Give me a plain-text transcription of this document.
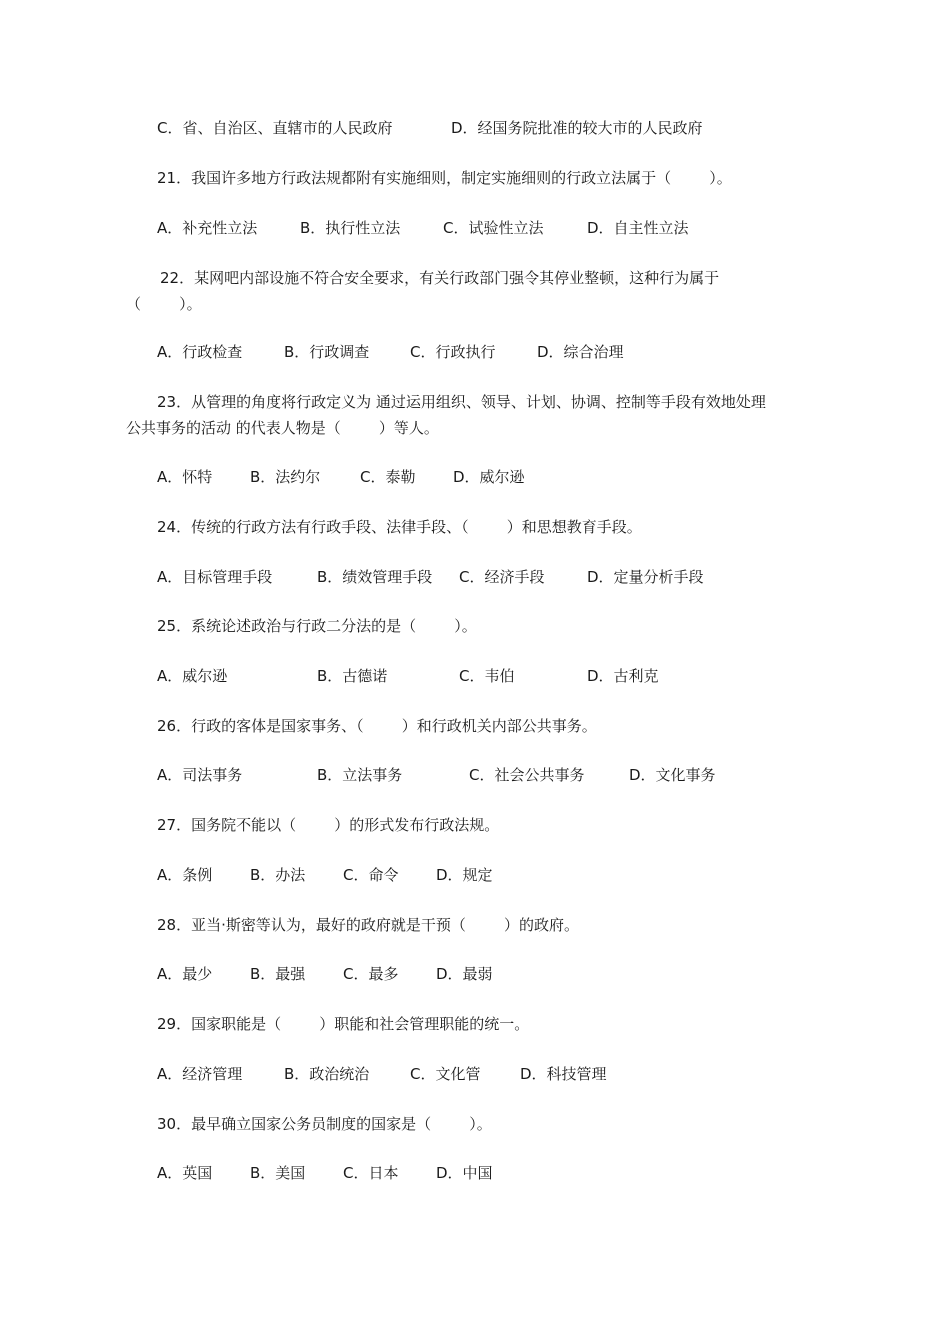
C．省、自治区、直辖市的人民政府

	D．经国务院批准的较大市的人民政府

21．我国许多地方行政法规都附有实施细则，制定实施细则的行政立法属于（        ）。

A．补充性立法

	B．执行性立法

	C．试验性立法

	D．自主性立法

22．某网吧内部设施不符合安全要求，有关行政部门强令其停业整顿，这种行为属于

（        ）。

A．行政检查

	B．行政调查

	C．行政执行

	D．综合治理

23．从管理的角度将行政定义为 通过运用组织、领导、计划、协调、控制等手段有效地处理

公共事务的活动 的代表人物是（        ）等人。

A．怀特

	B．法约尔

	C．泰勒

	D．威尔逊

24．传统的行政方法有行政手段、法律手段、（        ）和思想教育手段。

A．目标管理手段

	B．绩效管理手段

C．经济手段

	D．定量分析手段

25．系统论述政治与行政二分法的是（        ）。

A．威尔逊

	B．古德诺

	C．韦伯

	D．古利克

26．行政的客体是国家事务、（        ）和行政机关内部公共事务。

A．司法事务

	B．立法事务

	C．社会公共事务

	D．文化事务

27．国务院不能以（        ）的形式发布行政法规。

A．条例

	B．办法

	C．命令

	D．规定

28．亚当·斯密等认为，最好的政府就是干预（        ）的政府。

A．最少

	B．最强

	C．最多

	D．最弱

29．国家职能是（        ）职能和社会管理职能的统一。

A．经济管理

	B．政治统治

	C．文化管

	D．科技管理

30．最早确立国家公务员制度的国家是（        ）。

A．英国

	B．美国

	C．日本

	D．中国
